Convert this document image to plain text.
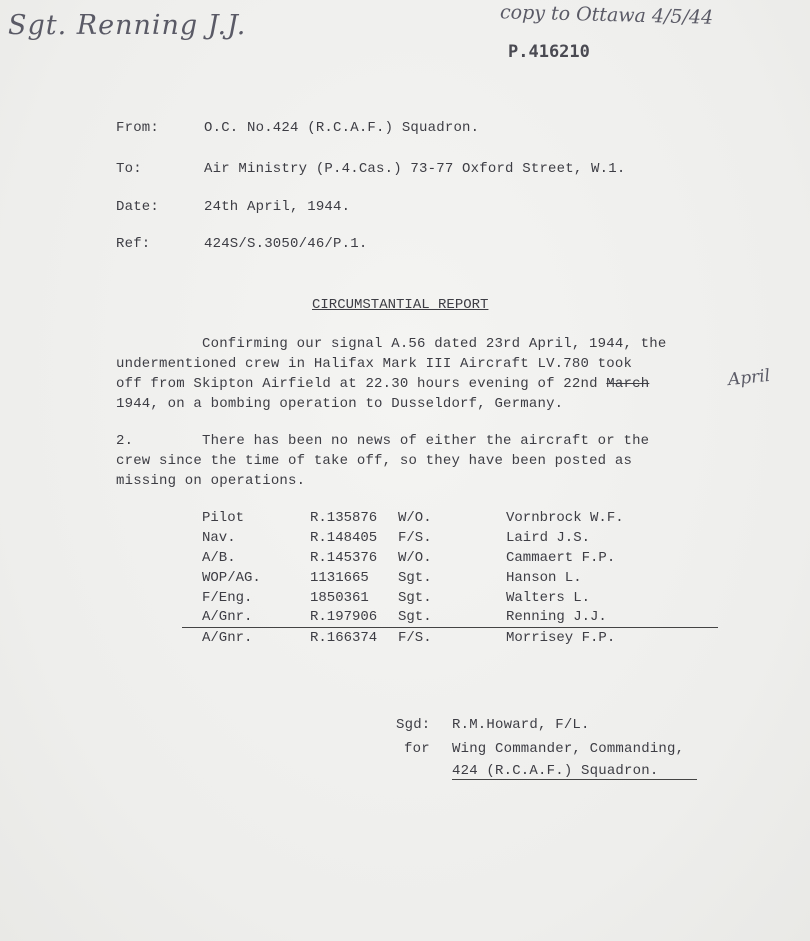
Sgt. Renning J.J.	copy to Ottawa 4/5/44
P.416210
April
From:	O.C. No.424 (R.C.A.F.) Squadron.
To:	Air Ministry (P.4.Cas.) 73-77 Oxford Street, W.1.
Date:	24th April, 1944.
Ref:	424S/S.3050/46/P.1.
CIRCUMSTANTIAL REPORT
Confirming our signal A.56 dated 23rd April, 1944, the
undermentioned crew in Halifax Mark III Aircraft LV.780 took
off from Skipton Airfield at 22.30 hours evening of 22nd March
1944, on a bombing operation to Dusseldorf, Germany.
2.	There has been no news of either the aircraft or the
crew since the time of take off, so they have been posted as
missing on operations.
Pilot	R.135876 W/O.	Vornbrock W.F.
Nav.	R.148405 F/S.	Laird J.S.
A/B.	R.145376 W/O.	Cammaert F.P.
WOP/AG.	1131665 Sgt.	Hanson L.
F/Eng.	1850361 Sgt.	Walters L.
A/Gnr.	R.197906 Sgt.	Renning J.J.
A/Gnr.	R.166374 F/S.	Morrisey F.P.
Sgd: R.M.Howard, F/L.
for Wing Commander, Commanding,
424 (R.C.A.F.) Squadron.
